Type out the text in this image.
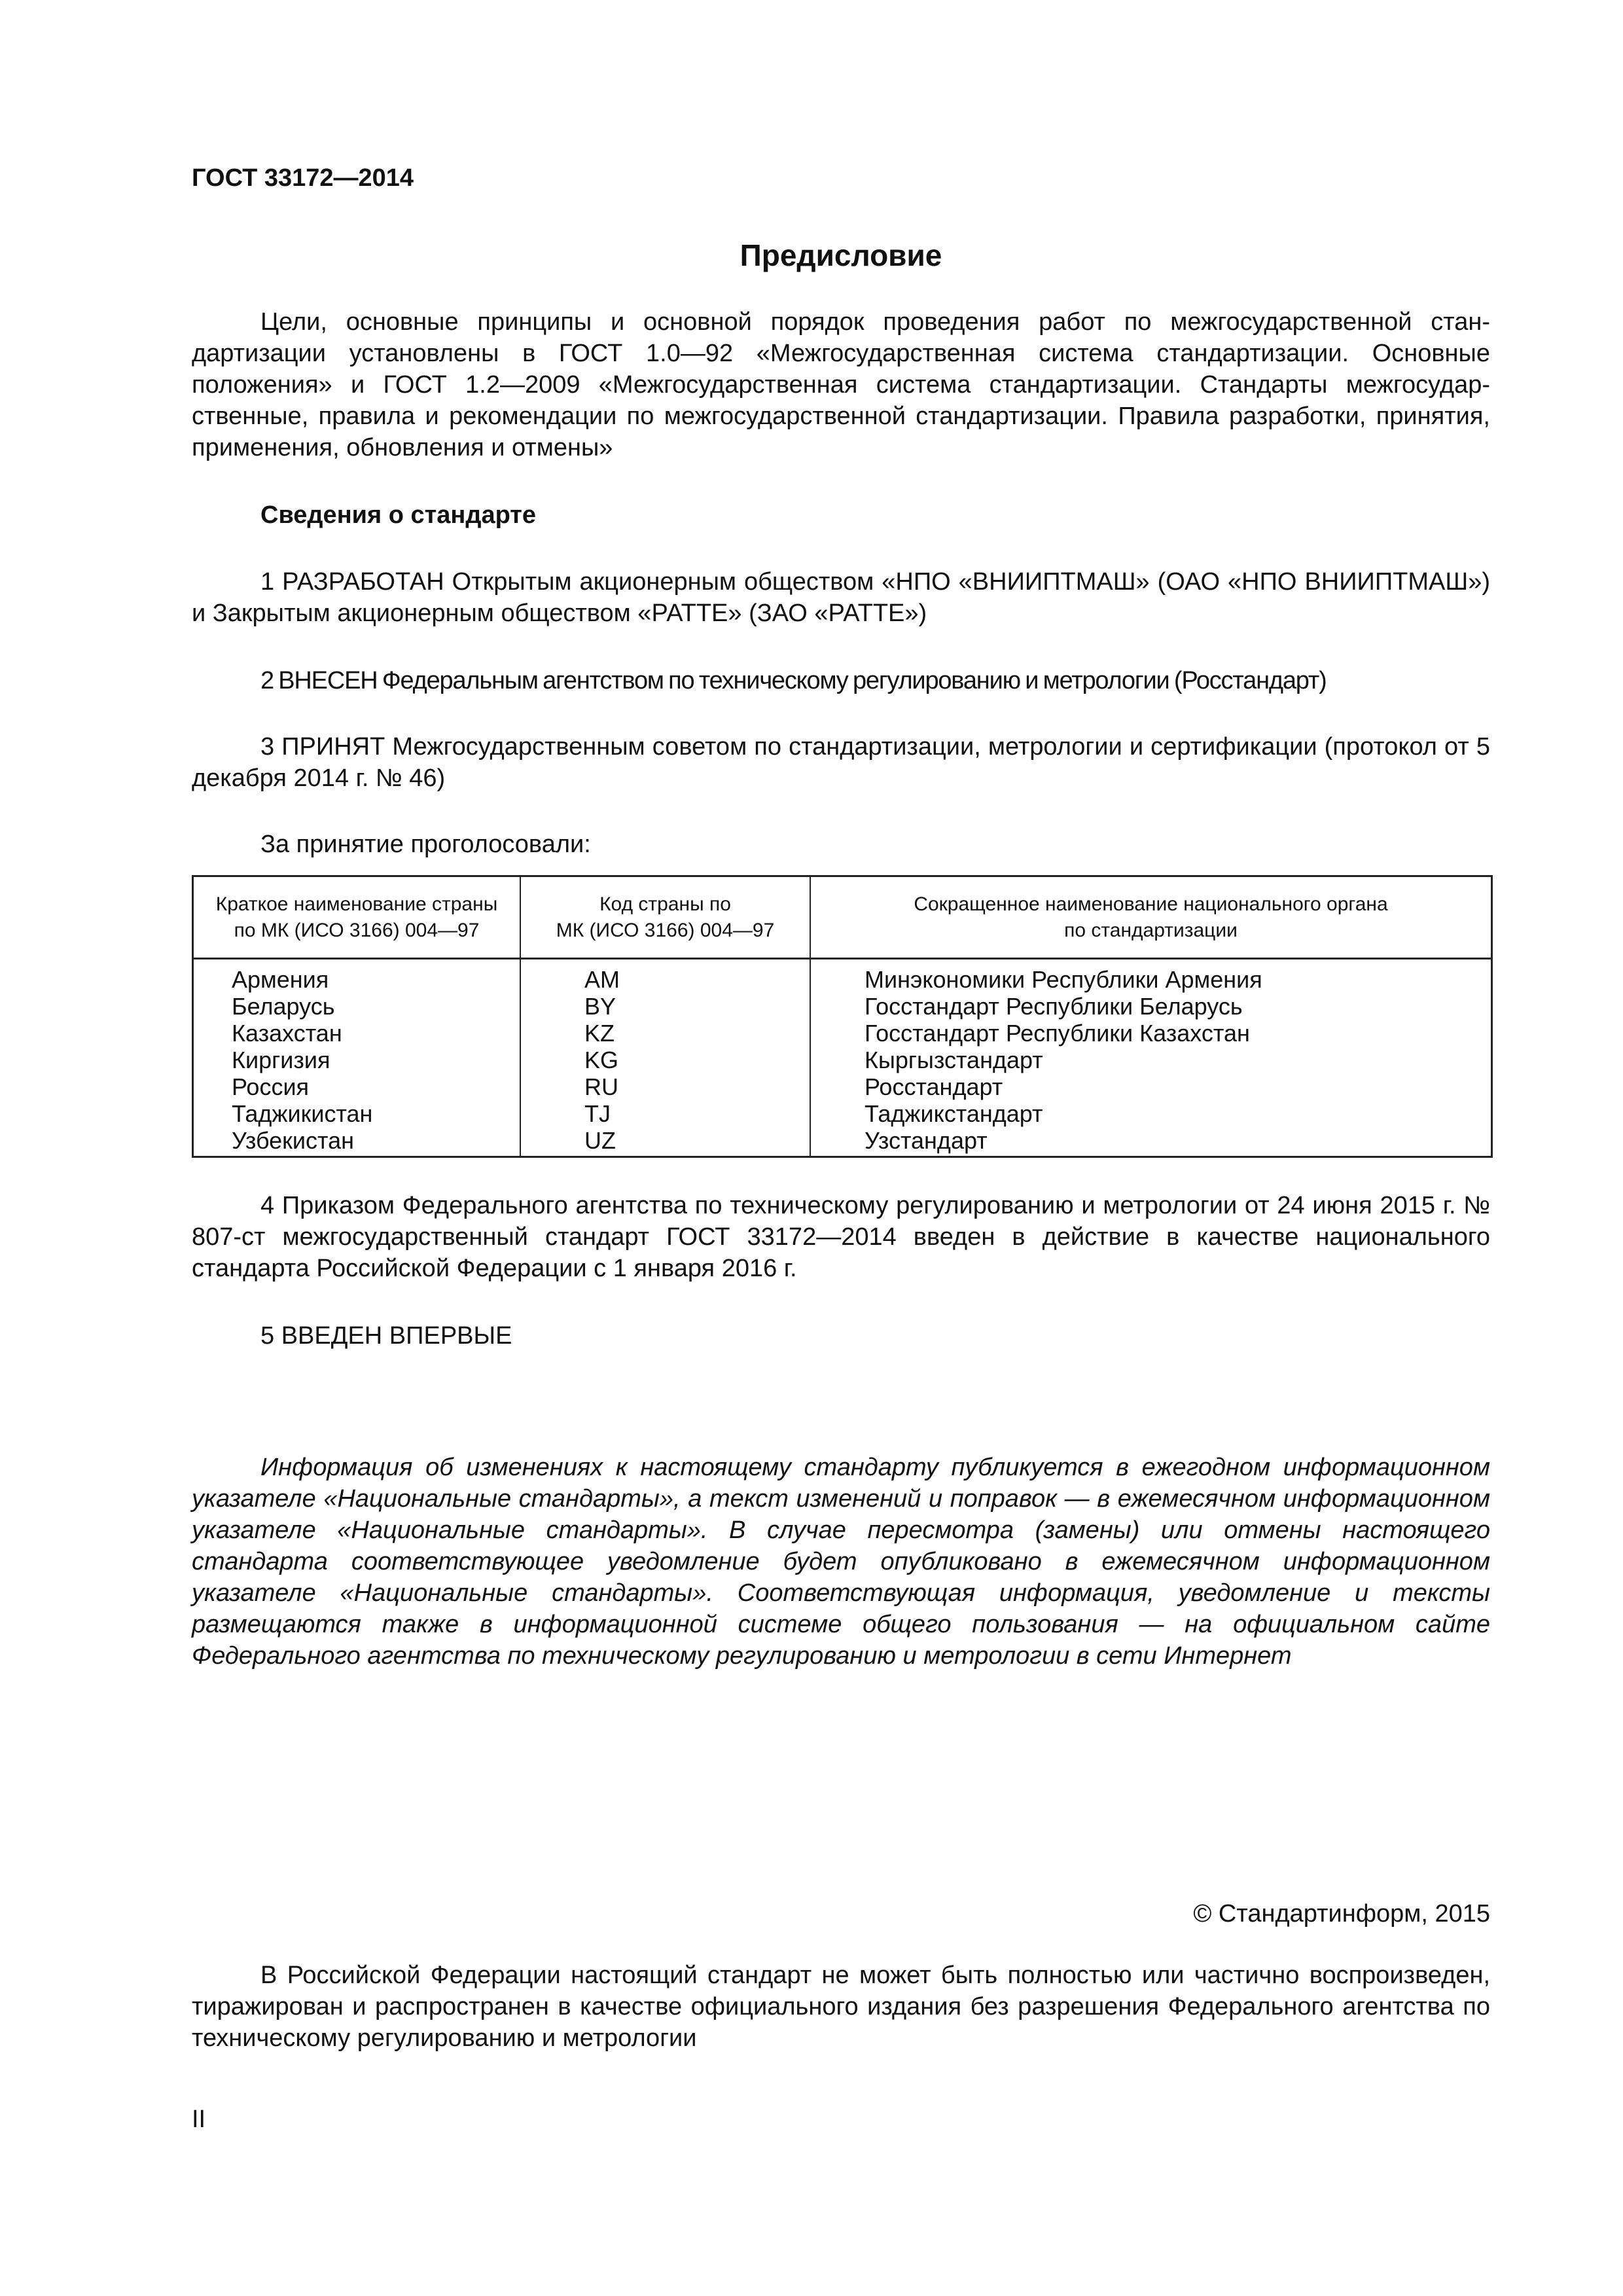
ГОСТ 33172—2014
Предисловие

Цели, основные принципы и основной порядок проведения работ по межгосударственной стандартизации установлены в ГОСТ 1.0—92 «Межгосударственная система стандартизации. Основные положения» и ГОСТ 1.2—2009 «Межгосударственная система стандартизации. Стандарты межгосударственные, правила и рекомендации по межгосударственной стандартизации. Правила разработки, принятия, применения, обновления и отмены»

Сведения о стандарте

1 РАЗРАБОТАН Открытым акционерным обществом «НПО «ВНИИПТМАШ» (ОАО «НПО ВНИИПТМАШ») и Закрытым акционерным обществом «РАТТЕ» (ЗАО «РАТТЕ»)

2 ВНЕСЕН Федеральным агентством по техническому регулированию и метрологии (Росстандарт)

3 ПРИНЯТ Межгосударственным советом по стандартизации, метрологии и сертификации (протокол от 5 декабря 2014 г. № 46)

За принятие проголосовали:

Краткое наименование страны
по МК (ИСО 3166) 004—97
Код страны по
МК (ИСО 3166) 004—97
Сокращенное наименование национального органа
по стандартизации
Армения
Беларусь
Казахстан
Киргизия
Россия
Таджикистан
Узбекистан
AM
BY
KZ
KG
RU
TJ
UZ
Минэкономики Республики Армения
Госстандарт Республики Беларусь
Госстандарт Республики Казахстан
Кыргызстандарт
Росстандарт
Таджикстандарт
Узстандарт

4 Приказом Федерального агентства по техническому регулированию и метрологии от 24 июня 2015 г. № 807-ст межгосударственный стандарт ГОСТ 33172—2014 введен в действие в качестве национального стандарта Российской Федерации с 1 января 2016 г.

5 ВВЕДЕН ВПЕРВЫЕ

Информация об изменениях к настоящему стандарту публикуется в ежегодном информационном указателе «Национальные стандарты», а текст изменений и поправок — в ежемесячном информационном указателе «Национальные стандарты». В случае пересмотра (замены) или отмены настоящего стандарта соответствующее уведомление будет опубликовано в ежемесячном информационном указателе «Национальные стандарты». Соответствующая информация, уведомление и тексты размещаются также в информационной системе общего пользования — на официальном сайте Федерального агентства по техническому регулированию и метрологии в сети Интернет

© Стандартинформ, 2015

В Российской Федерации настоящий стандарт не может быть полностью или частично воспроизведен, тиражирован и распространен в качестве официального издания без разрешения Федерального агентства по техническому регулированию и метрологии

II
